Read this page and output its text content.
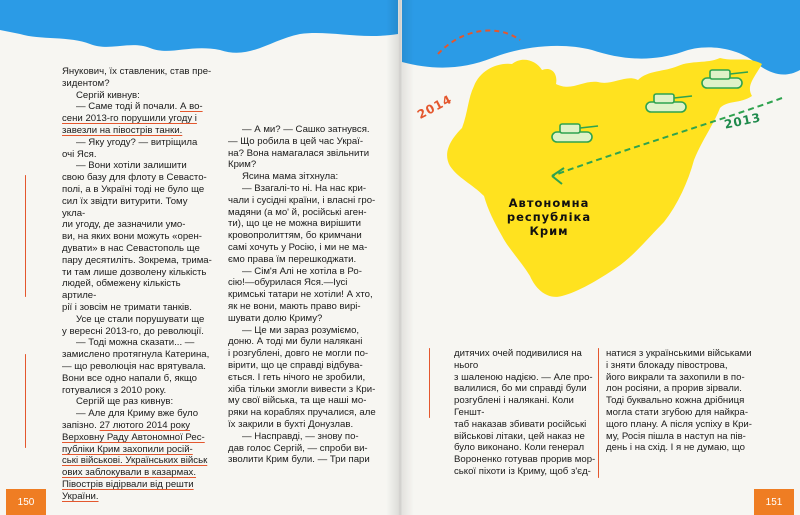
Янукович, їх ставленик, став пре-

зидентом?

Сергій кивнув:

— Саме тоді й почали. А во-

сени 2013-го порушили угоду і

завезли на півострів танки.

— Яку угоду? — витріщила

очі Яся.

— Вони хотіли залишити

свою базу для флоту в Севасто-

полі, а в Україні тоді не було ще

сил їх звідти витурити. Тому укла-

ли угоду, де зазначили умо-

ви, на яких вони можуть «орен-

дувати» в нас Севастополь ще

пару десятиліть. Зокрема, трима-

ти там лише дозволену кількість

людей, обмежену кількість артиле-

рії і зовсім не тримати танків.

Усе це стали порушувати ще

у вересні 2013-го, до революції.

— Тоді можна сказати... —

замислено протягнула Катерина,

— що революція нас врятувала.

Вони все одно напали б, якщо

готувалися з 2010 року.

Сергій ще раз кивнув:

— Але для Криму вже було

запізно. 27 лютого 2014 року

Верховну Раду Автономної Рес-

публіки Крим захопили росій-

ські військові. Українських військ

ових заблокували в казармах.

Півострів відірвали від решти

України.

— А ми? — Сашко затнувся.

— Що робила в цей час Украї-

на? Вона намагалася звільнити

Крим?

Ясина мама зітхнула:

— Взагалі-то ні. На нас кри-

чали і сусідні країни, і власні гро-

мадяни (а мо' й, російські аген-

ти), що це не можна вирішити

кровопролиттям, бо кримчани

самі хочуть у Росію, і ми не ма-

ємо права їм перешкоджати.

— Сім'я Алі не хотіла в Ро-

сію!—обурилася Яся.—Іусі

кримські татари не хотіли! А хто,

як не вони, мають право вирі-

шувати долю Криму?

— Це ми зараз розуміємо,

доню. А тоді ми були налякані

і розгублені, довго не могли по-

вірити, що це справді відбува-

ється. І геть нічого не зробили,

хіба тільки змогли вивести з Кри-

му свої війська, та ще наші мо-

ряки на кораблях пручалися, але

їх закрили в бухті Донузлав.

— Насправді, — знову по-

дав голос Сергій, — спроби ви-

зволити Крим були. — Три пари

150
2014	2013
Автономна
республіка
Крим

дитячих очей подивилися на нього

з шаленою надією. — Але про-

валилися, бо ми справді були

розгублені і налякані. Коли Геншт-

таб наказав збивати російські

військові літаки, цей наказ не

було виконано. Коли генерал

Вороненко готував прорив мор-

ської піхоти із Криму, щоб з'єд-

натися з українськими військами

і зняти блокаду півострова,

його викрали та захопили в по-

лон росіяни, а прорив зірвали.

Тоді буквально кожна дрібниця

могла стати згубою для найкра-

щого плану. А після успіху в Кри-

му, Росія пішла в наступ на пів-

день і на схід. І я не думаю, що

151
